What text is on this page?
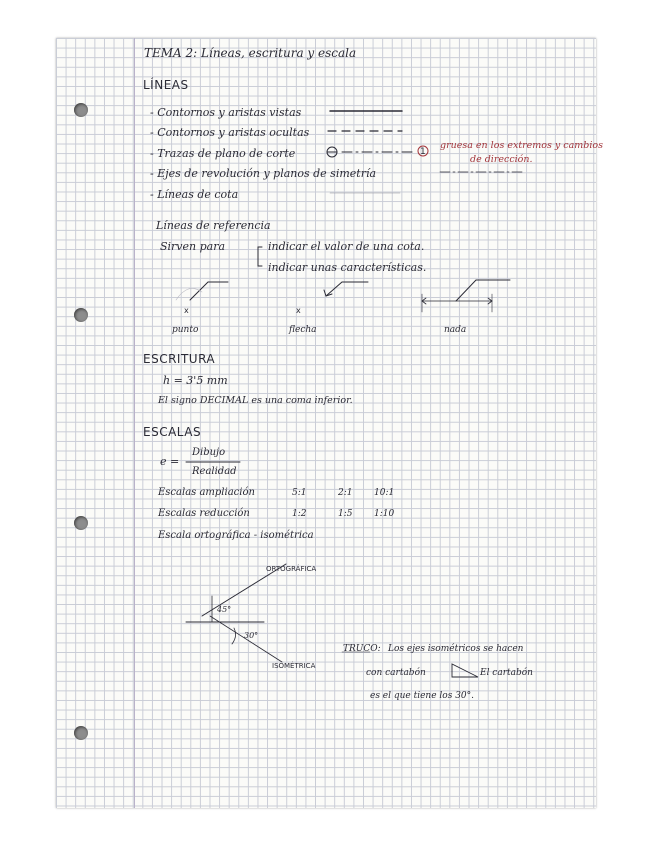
TEMA 2: Líneas, escritura y escala
LÍNEAS
- Contornos y aristas vistas
- Contornos y aristas ocultas
- Trazas de plano de corte
- Ejes de revolución y planos de simetría
- Líneas de cota
1
gruesa en los extremos y cambios
de dirección.
Líneas de referencia
Sirven para	indicar el valor de una cota.
indicar unas características.
x	x
punto	flecha	nada
ESCRITURA
h = 3'5 mm
El signo DECIMAL es una coma inferior.
ESCALAS
e =
Dibujo
Realidad
Escalas ampliación	5:1	2:1 10:1
Escalas reducción	1:2	1:5 1:10
Escala ortográfica - isométrica
ORTOGRÁFICA
ISOMÉTRICA
45°
30°
TRUCO: Los ejes isométricos se hacen
con cartabón	El cartabón
es el que tiene los 30°.
